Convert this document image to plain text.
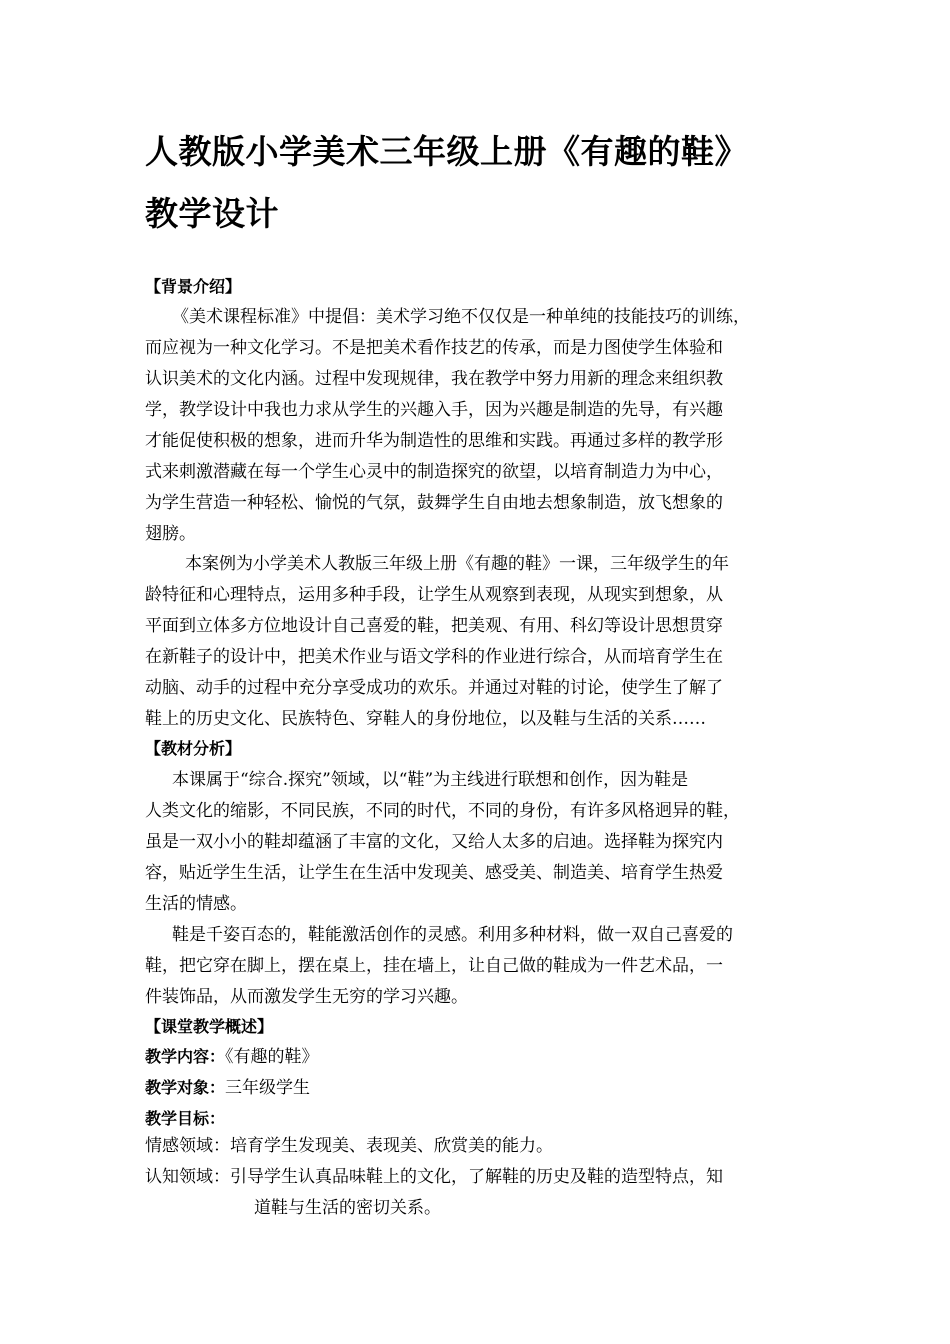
人教版小学美术三年级上册《有趣的鞋》
教学设计
【背景介绍】
《美术课程标准》中提倡：美术学习绝不仅仅是一种单纯的技能技巧的训练，
而应视为一种文化学习。不是把美术看作技艺的传承，而是力图使学生体验和
认识美术的文化内涵。过程中发现规律，我在教学中努力用新的理念来组织教
学，教学设计中我也力求从学生的兴趣入手，因为兴趣是制造的先导，有兴趣
才能促使积极的想象，进而升华为制造性的思维和实践。再通过多样的教学形
式来刺激潜藏在每一个学生心灵中的制造探究的欲望，以培育制造力为中心，
为学生营造一种轻松、愉悦的气氛，鼓舞学生自由地去想象制造，放飞想象的
翅膀。
本案例为小学美术人教版三年级上册《有趣的鞋》一课，三年级学生的年
龄特征和心理特点，运用多种手段，让学生从观察到表现，从现实到想象，从
平面到立体多方位地设计自己喜爱的鞋，把美观、有用、科幻等设计思想贯穿
在新鞋子的设计中，把美术作业与语文学科的作业进行综合，从而培育学生在
动脑、动手的过程中充分享受成功的欢乐。并通过对鞋的讨论，使学生了解了
鞋上的历史文化、民族特色、穿鞋人的身份地位，以及鞋与生活的关系……
【教材分析】
本课属于“综合.探究”领域，以“鞋”为主线进行联想和创作，因为鞋是
人类文化的缩影，不同民族，不同的时代，不同的身份，有许多风格迥异的鞋，
虽是一双小小的鞋却蕴涵了丰富的文化，又给人太多的启迪。选择鞋为探究内
容，贴近学生生活，让学生在生活中发现美、感受美、制造美、培育学生热爱
生活的情感。
鞋是千姿百态的，鞋能激活创作的灵感。利用多种材料，做一双自己喜爱的
鞋，把它穿在脚上，摆在桌上，挂在墙上，让自己做的鞋成为一件艺术品，一
件装饰品，从而激发学生无穷的学习兴趣。
【课堂教学概述】
教学内容：《有趣的鞋》
教学对象：三年级学生
教学目标：
情感领域：培育学生发现美、表现美、欣赏美的能力。
认知领域：引导学生认真品味鞋上的文化，了解鞋的历史及鞋的造型特点，知
道鞋与生活的密切关系。
